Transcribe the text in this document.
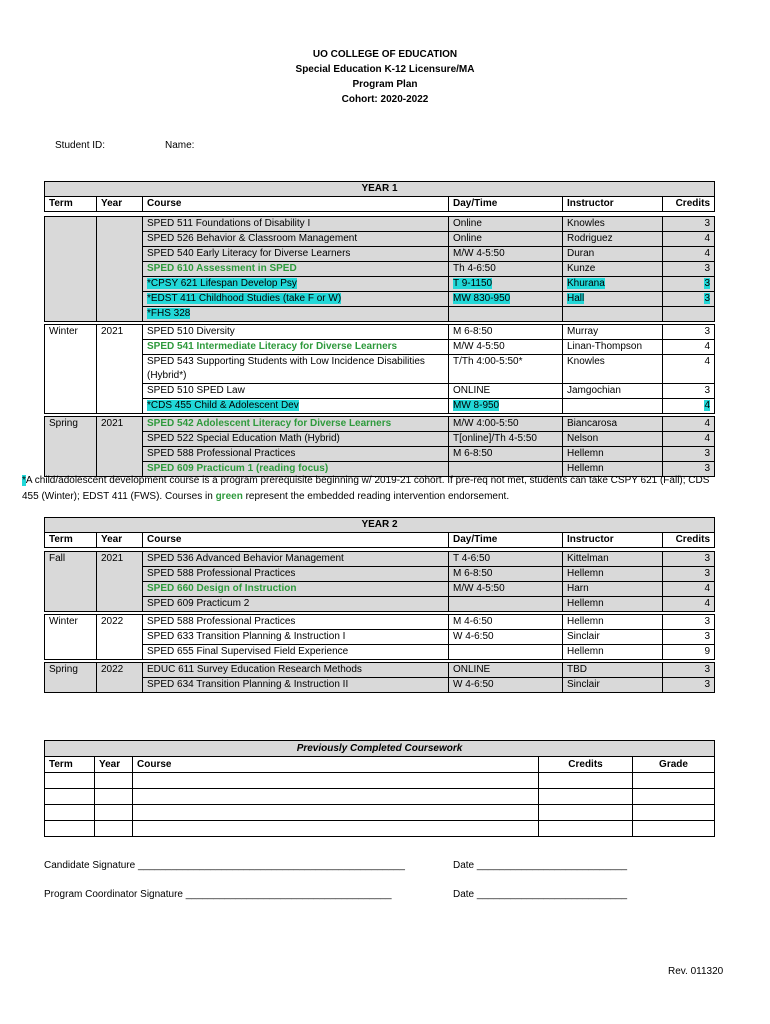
UO COLLEGE OF EDUCATION
Special Education K-12 Licensure/MA
Program Plan
Cohort: 2020-2022
Student ID:	Name:
YEAR 1					
Term	Year	Course	Day/Time	Instructor	Credits

		SPED 511 Foundations of Disability I	Online	Knowles	3
		SPED 526 Behavior & Classroom Management	Online	Rodriguez	4
		SPED 540 Early Literacy for Diverse Learners	M/W 4-5:50	Duran	4
		SPED 610 Assessment in SPED	Th 4-6:50	Kunze	3
		*CPSY 621 Lifespan Develop Psy	T 9-1150	Khurana	3
		*EDST 411 Childhood Studies (take F or W)	MW 830-950	Hall	3
		*FHS 328			

Winter	2021	SPED 510 Diversity	M 6-8:50	Murray	3
		SPED 541 Intermediate Literacy for Diverse Learners	M/W 4-5:50	Linan-Thompson	4
		SPED 543 Supporting Students with Low Incidence Disabilities (Hybrid*)	T/Th 4:00-5:50*	Knowles	4
		SPED 510 SPED Law	ONLINE	Jamgochian	3
		*CDS 455 Child & Adolescent Dev	MW 8-950		4

Spring	2021	SPED 542 Adolescent Literacy for Diverse Learners	M/W 4:00-5:50	Biancarosa	4
		SPED 522 Special Education Math (Hybrid)	T[online]/Th 4-5:50	Nelson	4
		SPED 588 Professional Practices	M 6-8:50	Hellemn	3
		SPED 609 Practicum 1 (reading focus)		Hellemn	3
*A child/adolescent development course is a program prerequisite beginning w/ 2019-21 cohort. If pre-req not met, students can take CSPY 621 (Fall); CDS 455 (Winter); EDST 411 (FWS). Courses in green represent the embedded reading intervention endorsement.
YEAR 2					
Term	Year	Course	Day/Time	Instructor	Credits

Fall	2021	SPED 536 Advanced Behavior Management	T 4-6:50	Kittelman	3
		SPED 588 Professional Practices	M 6-8:50	Hellemn	3
		SPED 660 Design of Instruction	M/W 4-5:50	Harn	4
		SPED 609 Practicum 2		Hellemn	4

Winter	2022	SPED 588 Professional Practices	M 4-6:50	Hellemn	3
		SPED 633 Transition Planning & Instruction I	W 4-6:50	Sinclair	3
		SPED 655 Final Supervised Field Experience		Hellemn	9

Spring	2022	EDUC 611 Survey Education Research Methods	ONLINE	TBD	3
		SPED 634 Transition Planning & Instruction II	W 4-6:50	Sinclair	3
Previously Completed Coursework				
Term	Year	Course	Credits	Grade

Candidate Signature ________________________________________________	Date ___________________________
Program Coordinator Signature _____________________________________	Date ___________________________
Rev. 011320
